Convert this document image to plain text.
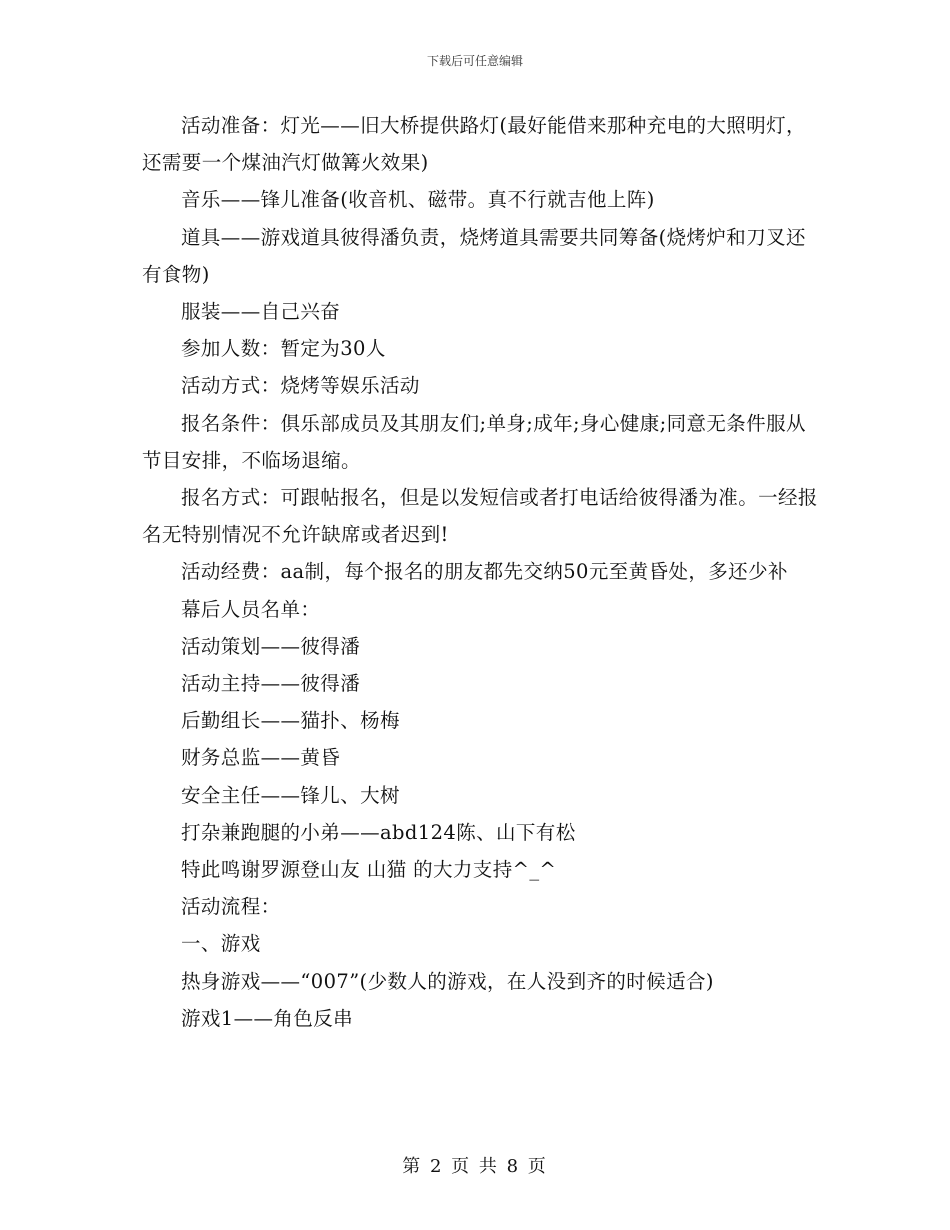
下载后可任意编辑

活动准备：灯光——旧大桥提供路灯(最好能借来那种充电的大照明灯，还需要一个煤油汽灯做篝火效果)

音乐——锋儿准备(收音机、磁带。真不行就吉他上阵)

道具——游戏道具彼得潘负责，烧烤道具需要共同筹备(烧烤炉和刀叉还有食物)

服装——自己兴奋

参加人数：暂定为30人

活动方式：烧烤等娱乐活动

报名条件：俱乐部成员及其朋友们;单身;成年;身心健康;同意无条件服从节目安排，不临场退缩。

报名方式：可跟帖报名，但是以发短信或者打电话给彼得潘为准。一经报名无特别情况不允许缺席或者迟到!

活动经费：aa制，每个报名的朋友都先交纳50元至黄昏处，多还少补

幕后人员名单：

活动策划——彼得潘

活动主持——彼得潘

后勤组长——猫扑、杨梅

财务总监——黄昏

安全主任——锋儿、大树

打杂兼跑腿的小弟——abd124陈、山下有松

特此鸣谢罗源登山友 山猫 的大力支持^_^

活动流程：

一、游戏

热身游戏——“007”(少数人的游戏，在人没到齐的时候适合)

游戏1——角色反串

第 2 页 共 8 页
